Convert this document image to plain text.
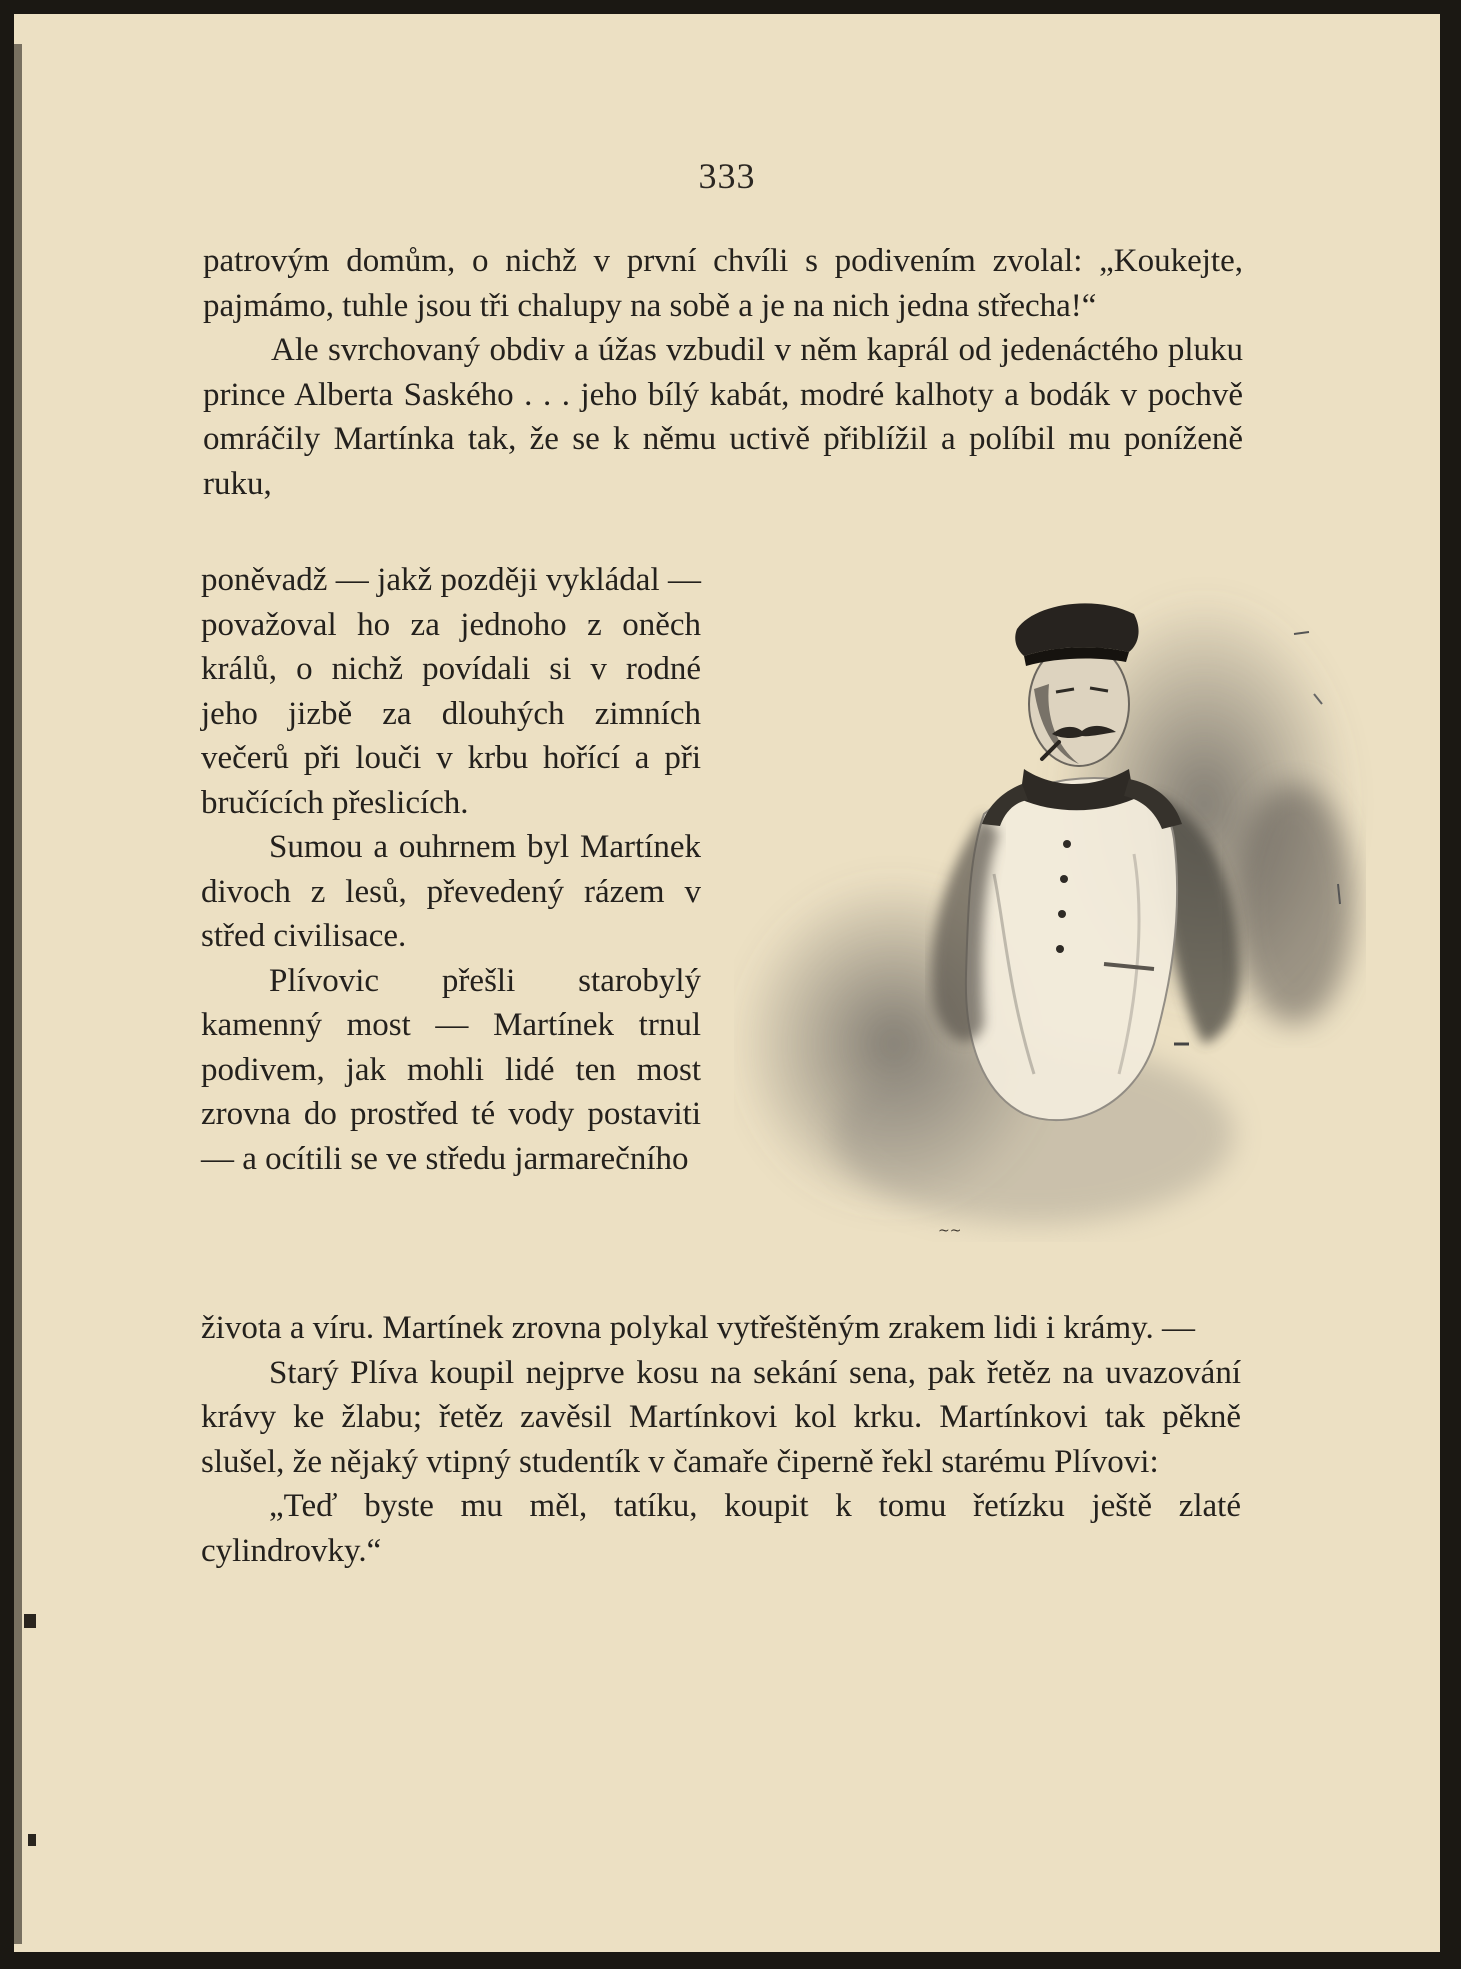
333

patrovým domům, o nichž v první chvíli s podivením zvolal: „Koukejte, pajmámo, tuhle jsou tři chalupy na sobě a je na nich jedna střecha!“

Ale svrchovaný obdiv a úžas vzbudil v něm kaprál od jedenáctého pluku prince Alberta Saského . . . jeho bílý kabát, modré kalhoty a bodák v pochvě omráčily Martínka tak, že se k němu uctivě přiblížil a políbil mu poníženě ruku,

poněvadž — jakž později vykládal — považoval ho za jednoho z oněch králů, o nichž povídali si v rodné jeho jizbě za dlouhých zimních večerů při louči v krbu hořící a při bručících přeslicích.

Sumou a ouhrnem byl Martínek divoch z lesů, převedený rázem v střed civilisace.

Plívovic přešli starobylý kamenný most — Martínek trnul podivem, jak mohli lidé ten most zrovna do prostřed té vody postaviti — a ocítili se ve středu jarmarečního

~~

života a víru. Martínek zrovna polykal vytřeštěným zrakem lidi i krámy. —

Starý Plíva koupil nejprve kosu na sekání sena, pak řetěz na uvazování krávy ke žlabu; řetěz zavěsil Martínkovi kol krku. Martínkovi tak pěkně slušel, že nějaký vtipný studentík v čamaře čiperně řekl starému Plívovi:

„Teď byste mu měl, tatíku, koupit k tomu řetízku ještě zlaté cylindrovky.“
